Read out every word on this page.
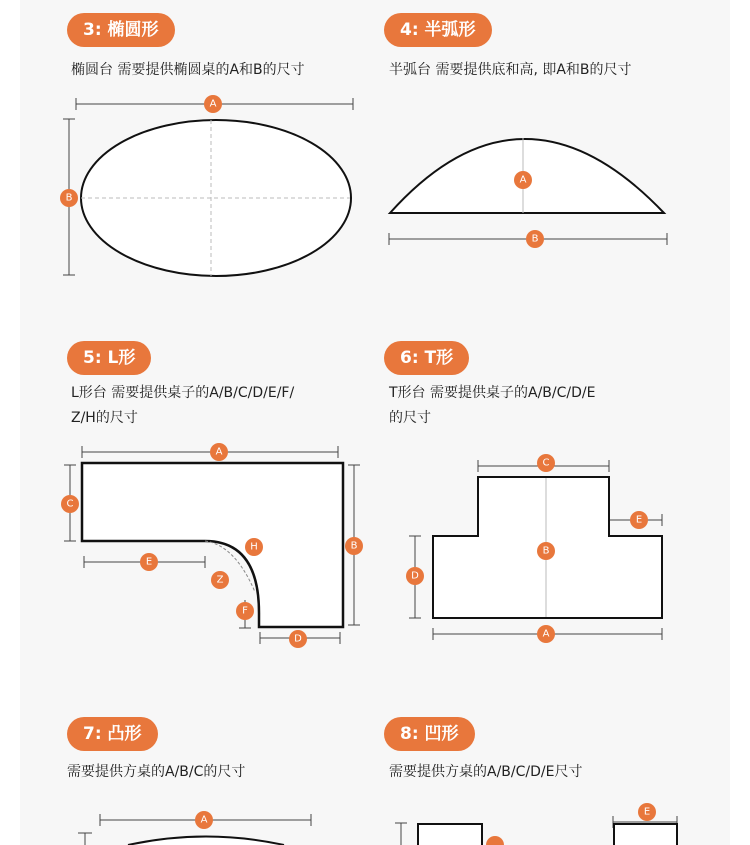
3: 椭圆形	4: 半弧形
5: L形	6: T形
7: 凸形	8: 凹形
椭圆台 需要提供椭圆桌的A和B的尺寸	半弧台 需要提供底和高, 即A和B的尺寸
L形台 需要提供桌子的A/B/C/D/E/F/
Z/H的尺寸
T形台 需要提供桌子的A/B/C/D/E
的尺寸
需要提供方桌的A/B/C的尺寸	需要提供方桌的A/B/C/D/E尺寸
A
B
A
B
A
C
B
H
E
Z
F
D
C
E
B
D
A
A
E
